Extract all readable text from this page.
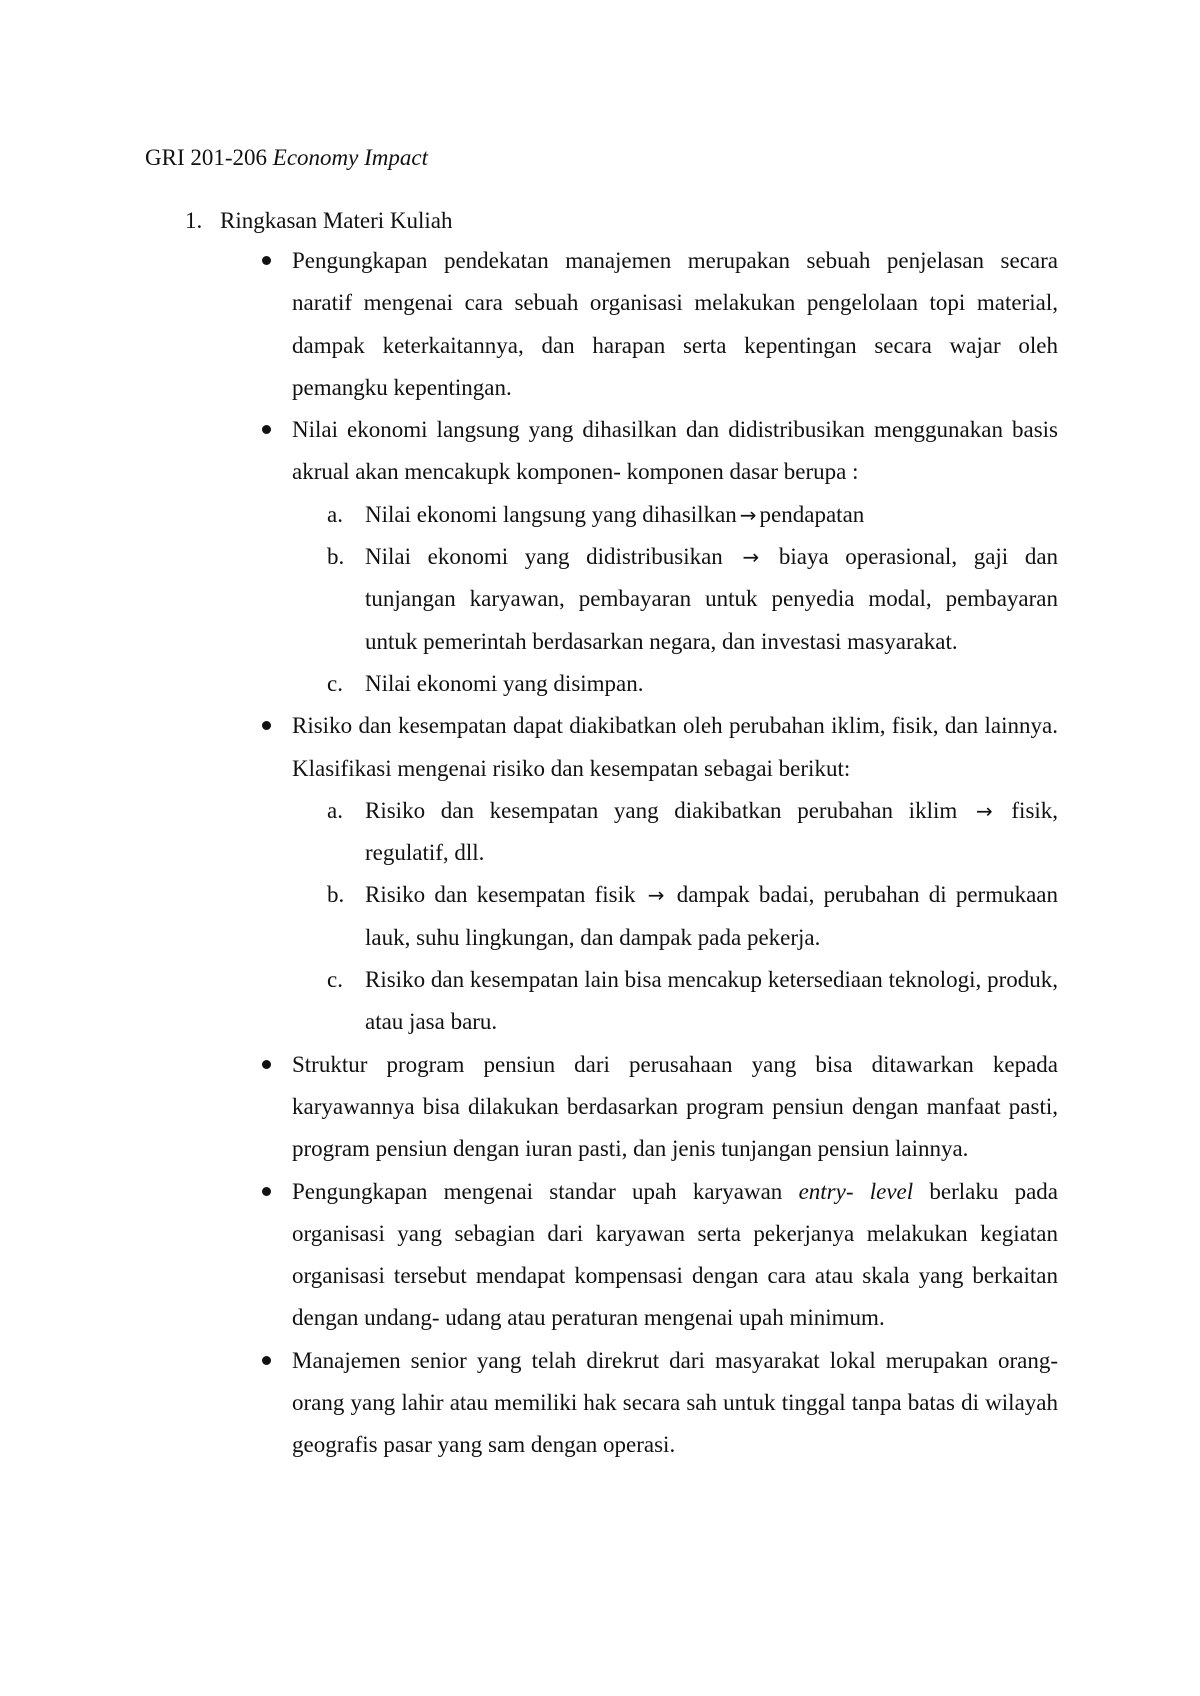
GRI 201-206 Economy Impact
1. Ringkasan Materi Kuliah
Pengungkapan pendekatan manajemen merupakan sebuah penjelasan secara naratif mengenai cara sebuah organisasi melakukan pengelolaan topi material, dampak keterkaitannya, dan harapan serta kepentingan secara wajar oleh pemangku kepentingan.
Nilai ekonomi langsung yang dihasilkan dan didistribusikan menggunakan basis akrual akan mencakupk komponen- komponen dasar berupa :
a. Nilai ekonomi langsung yang dihasilkan → pendapatan
b. Nilai ekonomi yang didistribusikan → biaya operasional, gaji dan tunjangan karyawan, pembayaran untuk penyedia modal, pembayaran untuk pemerintah berdasarkan negara, dan investasi masyarakat.
c. Nilai ekonomi yang disimpan.
Risiko dan kesempatan dapat diakibatkan oleh perubahan iklim, fisik, dan lainnya. Klasifikasi mengenai risiko dan kesempatan sebagai berikut:
a. Risiko dan kesempatan yang diakibatkan perubahan iklim → fisik, regulatif, dll.
b. Risiko dan kesempatan fisik → dampak badai, perubahan di permukaan lauk, suhu lingkungan, dan dampak pada pekerja.
c. Risiko dan kesempatan lain bisa mencakup ketersediaan teknologi, produk, atau jasa baru.
Struktur program pensiun dari perusahaan yang bisa ditawarkan kepada karyawannya bisa dilakukan berdasarkan program pensiun dengan manfaat pasti, program pensiun dengan iuran pasti, dan jenis tunjangan pensiun lainnya.
Pengungkapan mengenai standar upah karyawan entry- level berlaku pada organisasi yang sebagian dari karyawan serta pekerjanya melakukan kegiatan organisasi tersebut mendapat kompensasi dengan cara atau skala yang berkaitan dengan undang- udang atau peraturan mengenai upah minimum.
Manajemen senior yang telah direkrut dari masyarakat lokal merupakan orang- orang yang lahir atau memiliki hak secara sah untuk tinggal tanpa batas di wilayah geografis pasar yang sam dengan operasi.
